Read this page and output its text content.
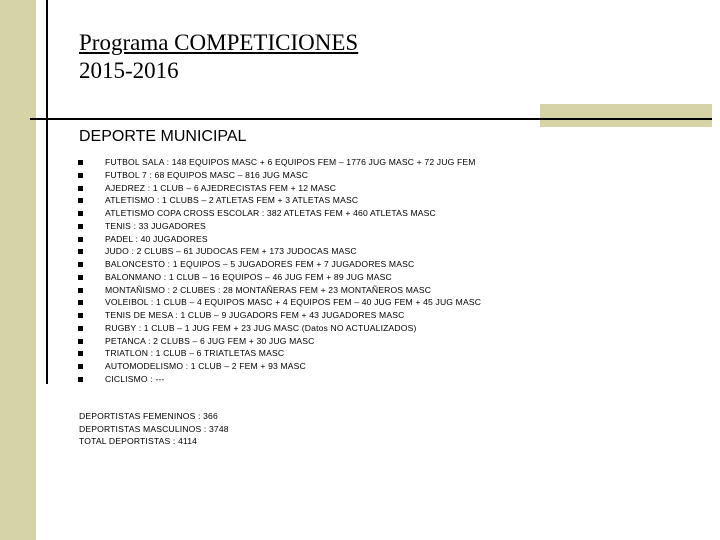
Programa COMPETICIONES
2015-2016
DEPORTE MUNICIPAL
FUTBOL SALA : 148 EQUIPOS MASC + 6 EQUIPOS FEM – 1776 JUG MASC + 72 JUG FEM
FUTBOL 7 : 68 EQUIPOS MASC – 816 JUG MASC
AJEDREZ : 1 CLUB – 6 AJEDRECISTAS FEM + 12 MASC
ATLETISMO : 1 CLUBS – 2 ATLETAS FEM + 3 ATLETAS MASC
ATLETISMO COPA CROSS ESCOLAR : 382 ATLETAS FEM + 460 ATLETAS MASC
TENIS : 33 JUGADORES
PADEL : 40 JUGADORES
JUDO : 2 CLUBS – 61 JUDOCAS FEM + 173 JUDOCAS MASC
BALONCESTO : 1 EQUIPOS – 5 JUGADORES FEM + 7 JUGADORES MASC
BALONMANO : 1 CLUB – 16 EQUIPOS – 46 JUG FEM + 89 JUG MASC
MONTAÑISMO : 2 CLUBES : 28 MONTAÑERAS FEM + 23 MONTAÑEROS MASC
VOLEIBOL : 1 CLUB – 4 EQUIPOS MASC + 4 EQUIPOS FEM – 40 JUG FEM + 45 JUG MASC
TENIS DE MESA : 1 CLUB – 9 JUGADORS FEM + 43 JUGADORES MASC
RUGBY : 1 CLUB – 1 JUG FEM + 23 JUG MASC (Datos NO ACTUALIZADOS)
PETANCA : 2 CLUBS – 6 JUG FEM + 30 JUG MASC
TRIATLON : 1 CLUB – 6 TRIATLETAS MASC
AUTOMODELISMO : 1 CLUB – 2 FEM + 93 MASC
CICLISMO : ---
DEPORTISTAS FEMENINOS : 366
DEPORTISTAS MASCULINOS : 3748
TOTAL DEPORTISTAS : 4114
